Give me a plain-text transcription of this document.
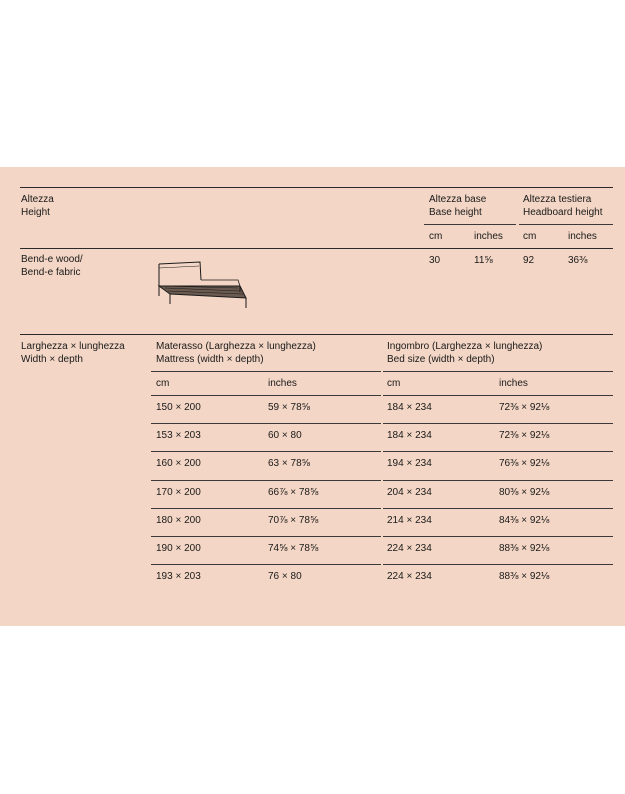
Altezza
Height
Altezza base
Base height
Altezza testiera
Headboard height
cm	inches cm	inches
Bend-e wood/
Bend-e fabric
30	11⅝	92	36⅜
Larghezza × lunghezza
Width × depth
Materasso (Larghezza × lunghezza)
Mattress (width × depth)
Ingombro (Larghezza × lunghezza)
Bed size (width × depth)
cm	inches	cm	inches
150 × 200	59 × 78⅝	184 × 234	72⅜ × 92⅛
153 × 203	60 × 80	184 × 234	72⅜ × 92⅛
160 × 200	63 × 78⅝	194 × 234	76⅜ × 92⅛
170 × 200	66⅞ × 78⅝	204 × 234	80⅜ × 92⅛
180 × 200	70⅞ × 78⅝	214 × 234	84⅜ × 92⅛
190 × 200	74⅝ × 78⅝	224 × 234	88⅜ × 92⅛
193 × 203	76 × 80	224 × 234	88⅜ × 92⅛
